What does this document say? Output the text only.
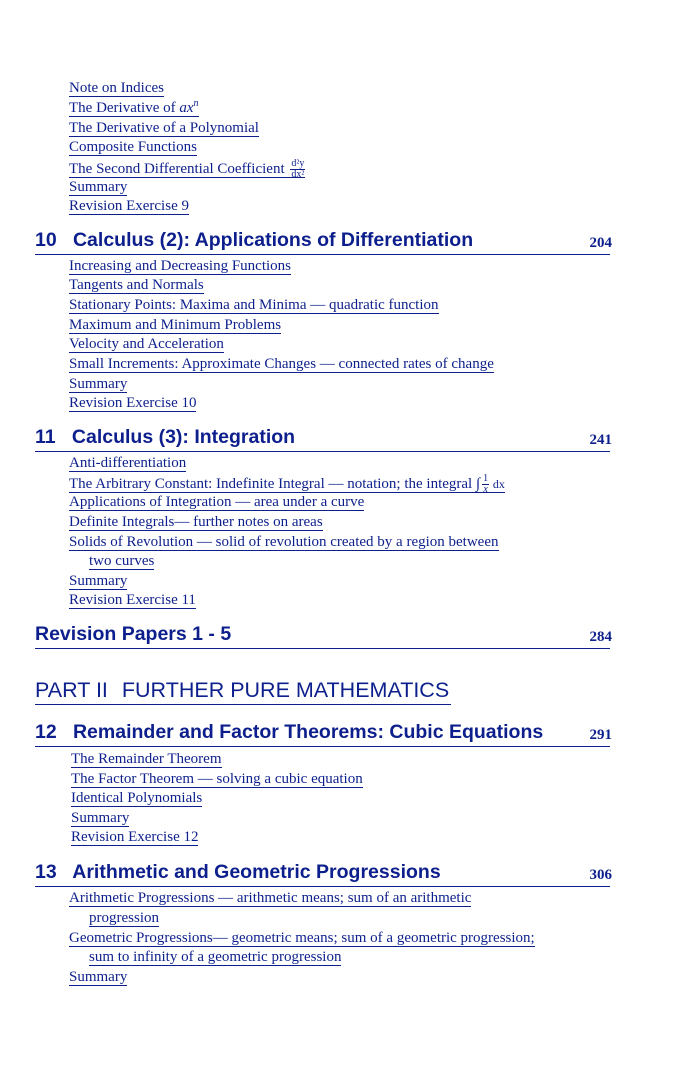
Note on Indices
The Derivative of $ax^n$
The Derivative of a Polynomial
Composite Functions
The Second Differential Coefficient $\frac{\text{d²y}}{\text{dx²}}$
Summary
Revision Exercise 9
10 Calculus (2): Applications of Differentiation	204
Increasing and Decreasing Functions
Tangents and Normals
Stationary Points: Maxima and Minima — quadratic function
Maximum and Minimum Problems
Velocity and Acceleration
Small Increments: Approximate Changes — connected rates of change
Summary
Revision Exercise 10
11 Calculus (3): Integration	241
Anti-differentiation
The Arbitrary Constant: Indefinite Integral — notation; the integral ∫ $\frac{1}{x}$ dx
Applications of Integration — area under a curve
Definite Integrals— further notes on areas
Solids of Revolution — solid of revolution created by a region between
two curves
Summary
Revision Exercise 11
Revision Papers 1 - 5	284
PART II FURTHER PURE MATHEMATICS
12 Remainder and Factor Theorems: Cubic Equations	291
The Remainder Theorem
The Factor Theorem — solving a cubic equation
Identical Polynomials
Summary
Revision Exercise 12
13 Arithmetic and Geometric Progressions	306
Arithmetic Progressions — arithmetic means; sum of an arithmetic
progression
Geometric Progressions— geometric means; sum of a geometric progression;
sum to infinity of a geometric progression
Summary
